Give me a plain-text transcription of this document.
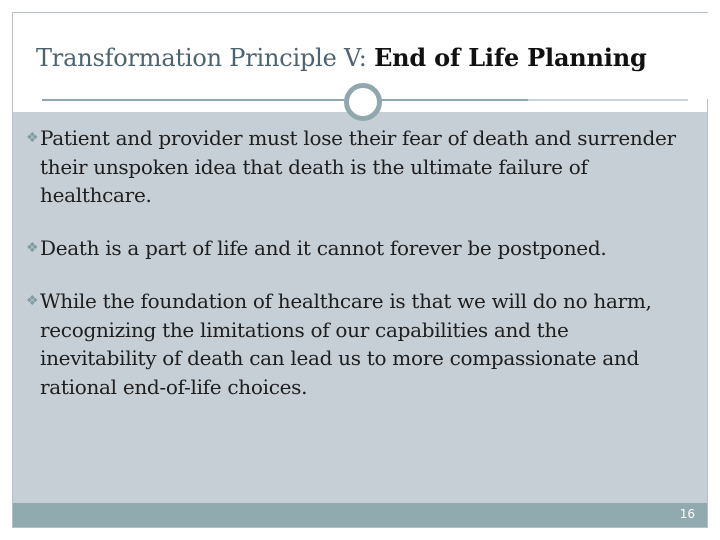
Transformation Principle V: End of Life Planning
16
❖ Patient and provider must lose their fear of death and surrender their unspoken idea that death is the ultimate failure of healthcare.
❖ Death is a part of life and it cannot forever be postponed.
❖ While the foundation of healthcare is that we will do no harm, recognizing the limitations of our capabilities and the inevitability of death can lead us to more compassionate and rational end-of-life choices.
